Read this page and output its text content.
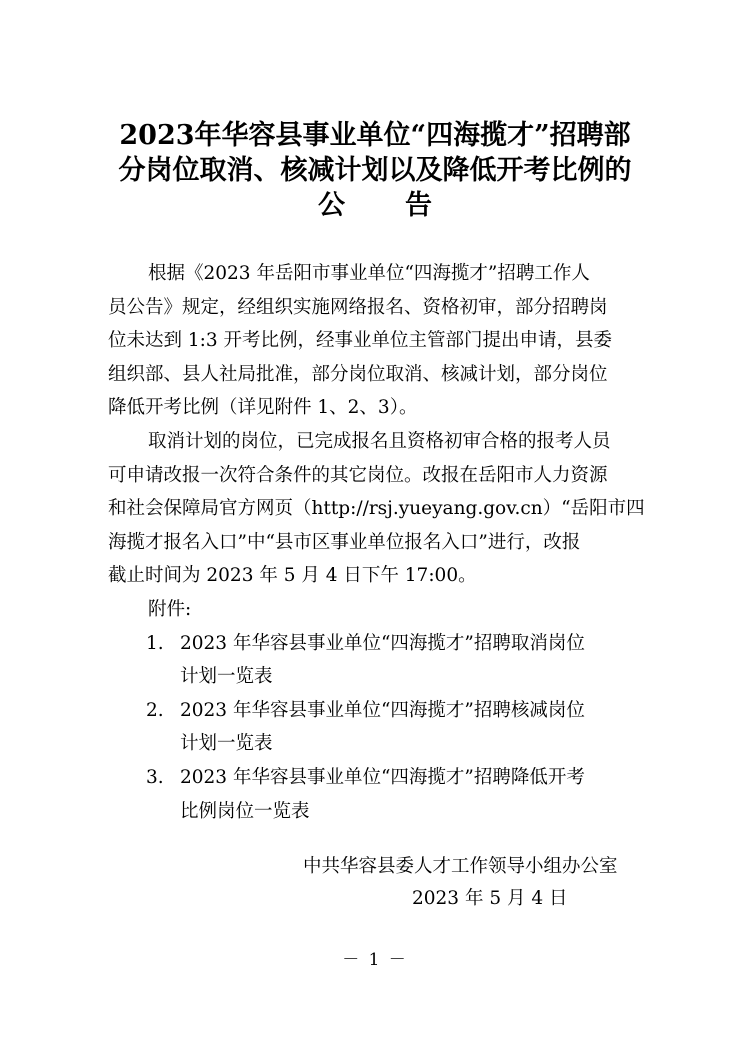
2023年华容县事业单位“四海揽才”招聘部
分岗位取消、核减计划以及降低开考比例的
公告
根据《2023 年岳阳市事业单位“四海揽才”招聘工作人
员公告》规定，经组织实施网络报名、资格初审，部分招聘岗
位未达到 1:3 开考比例，经事业单位主管部门提出申请，县委
组织部、县人社局批准，部分岗位取消、核减计划，部分岗位
降低开考比例（详见附件 1、2、3）。
取消计划的岗位，已完成报名且资格初审合格的报考人员
可申请改报一次符合条件的其它岗位。改报在岳阳市人力资源
和社会保障局官方网页（http://rsj.yueyang.gov.cn）“岳阳市四
海揽才报名入口”中“县市区事业单位报名入口”进行，改报
截止时间为 2023 年 5 月 4 日下午 17:00。
附件:
1. 2023 年华容县事业单位“四海揽才”招聘取消岗位
计划一览表
2. 2023 年华容县事业单位“四海揽才”招聘核减岗位
计划一览表
3. 2023 年华容县事业单位“四海揽才”招聘降低开考
比例岗位一览表
中共华容县委人才工作领导小组办公室
2023 年 5 月 4 日
－ 1 －
